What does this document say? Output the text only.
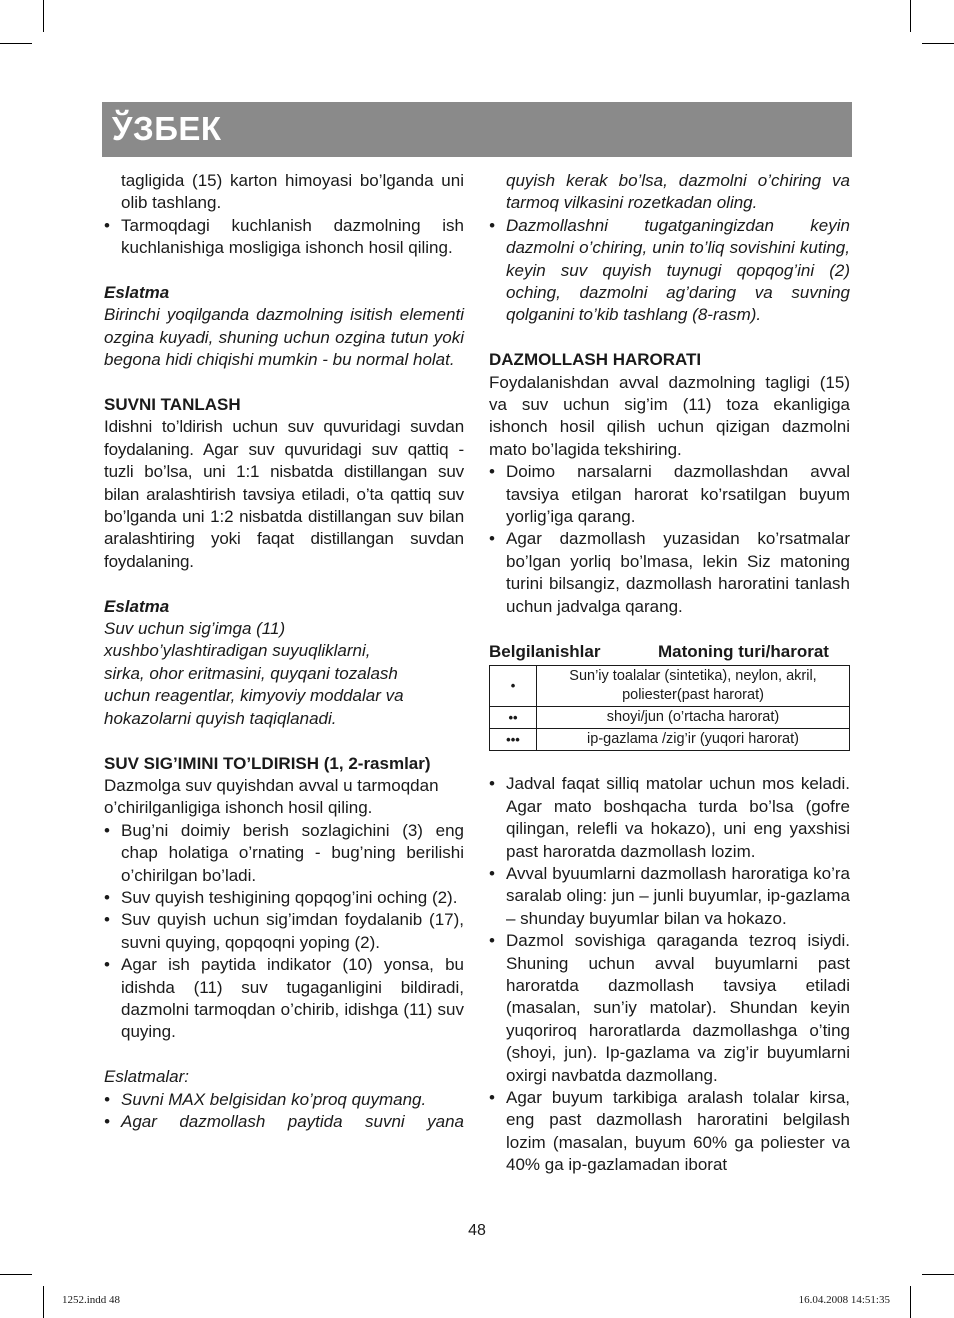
ЎЗБЕК

tagligida (15) karton himoyasi bo’lganda uni olib tashlang.

• Tarmoqdagi kuchlanish dazmolning ish kuchlanishiga mosligiga ishonch hosil qiling.

Eslatma

Birinchi yoqilganda dazmolning isitish elementi ozgina kuyadi, shuning uchun ozgina tutun yoki begona hidi chiqishi mumkin - bu normal holat.

SUVNI TANLASH

Idishni to’ldirish uchun suv quvuridagi suvdan foydalaning. Agar suv quvuridagi suv qattiq - tuzli bo’lsa, uni 1:1 nisbatda distillangan suv bilan aralashtirish tavsiya etiladi, o’ta qattiq suv bo’lganda uni 1:2 nisbatda distillangan suv bilan aralashtiring yoki faqat distillangan suvdan foydalaning.

Eslatma

Suv uchun sig’imga (11)
xushbo’ylashtiradigan suyuqliklarni,
sirka, ohor eritmasini, quyqani tozalash
uchun reagentlar, kimyoviy moddalar va
hokazolarni quyish taqiqlanadi.

SUV SIG’IMINI TO’LDIRISH (1, 2-rasmlar)

Dazmolga suv quyishdan avval u tarmoqdan o’chirilganligiga ishonch hosil qiling.

• Bug’ni doimiy berish sozlagichini (3) eng chap holatiga o’rnating - bug’ning berilishi o’chirilgan bo’ladi.
• Suv quyish teshigining qopqog’ini oching (2).
• Suv quyish uchun sig’imdan foydalanib (17), suvni quying, qopqoqni yoping (2).
• Agar ish paytida indikator (10) yonsa, bu idishda (11) suv tugaganligini bildiradi, dazmolni tarmoqdan o’chirib, idishga (11) suv quying.

Eslatmalar:

• Suvni MAX belgisidan ko’proq quymang.
• Agar dazmollash paytida suvni yana

quyish kerak bo’lsa, dazmolni o’chiring va tarmoq vilkasini rozetkadan oling.

• Dazmollashni tugatganingizdan keyin dazmolni o’chiring, unin to’liq sovishini kuting, keyin suv quyish tuynugi qopqog’ini (2) oching, dazmolni ag’daring va suvning qolganini to’kib tashlang (8-rasm).

DAZMOLLASH HARORATI

Foydalanishdan avval dazmolning tagligi (15) va suv uchun sig’im (11) toza ekanligiga ishonch hosil qilish uchun qizigan dazmolni mato bo’lagida tekshiring.

• Doimo narsalarni dazmollashdan avval tavsiya etilgan harorat ko’rsatilgan buyum yorlig’iga qarang.
• Agar dazmollash yuzasidan ko’rsatmalar bo’lgan yorliq bo’lmasa, lekin Siz matoning turini bilsangiz, dazmollash haroratini tanlash uchun jadvalga qarang.
Belgilanishlar	Matoning turi/harorat
•	Sun’iy toalalar (sintetika), neylon, akril, poliester(past harorat)
••	shoyi/jun (o’rtacha harorat)
•••	ip-gazlama /zig’ir (yuqori harorat)
• Jadval faqat silliq matolar uchun mos keladi. Agar mato boshqacha turda bo’lsa (gofre qilingan, relefli va hokazo), uni eng yaxshisi past haroratda dazmollash lozim.
• Avval byuumlarni dazmollash haroratiga ko’ra saralab oling: jun – junli buyumlar, ip-gazlama – shunday buyumlar bilan va hokazo.
• Dazmol sovishiga qaraganda tezroq isiydi. Shuning uchun avval buyumlarni past haroratda dazmollash tavsiya etiladi (masalan, sun’iy matolar). Shundan keyin yuqoriroq haroratlarda dazmollashga o’ting (shoyi, jun). Ip-gazlama va zig’ir buyumlarni oxirgi navbatda dazmollang.
• Agar buyum tarkibiga aralash tolalar kirsa, eng past dazmollash haroratini belgilash lozim (masalan, buyum 60% ga poliester va 40% ga ip-gazlamadan iborat
48
1252.indd 48	16.04.2008 14:51:35
